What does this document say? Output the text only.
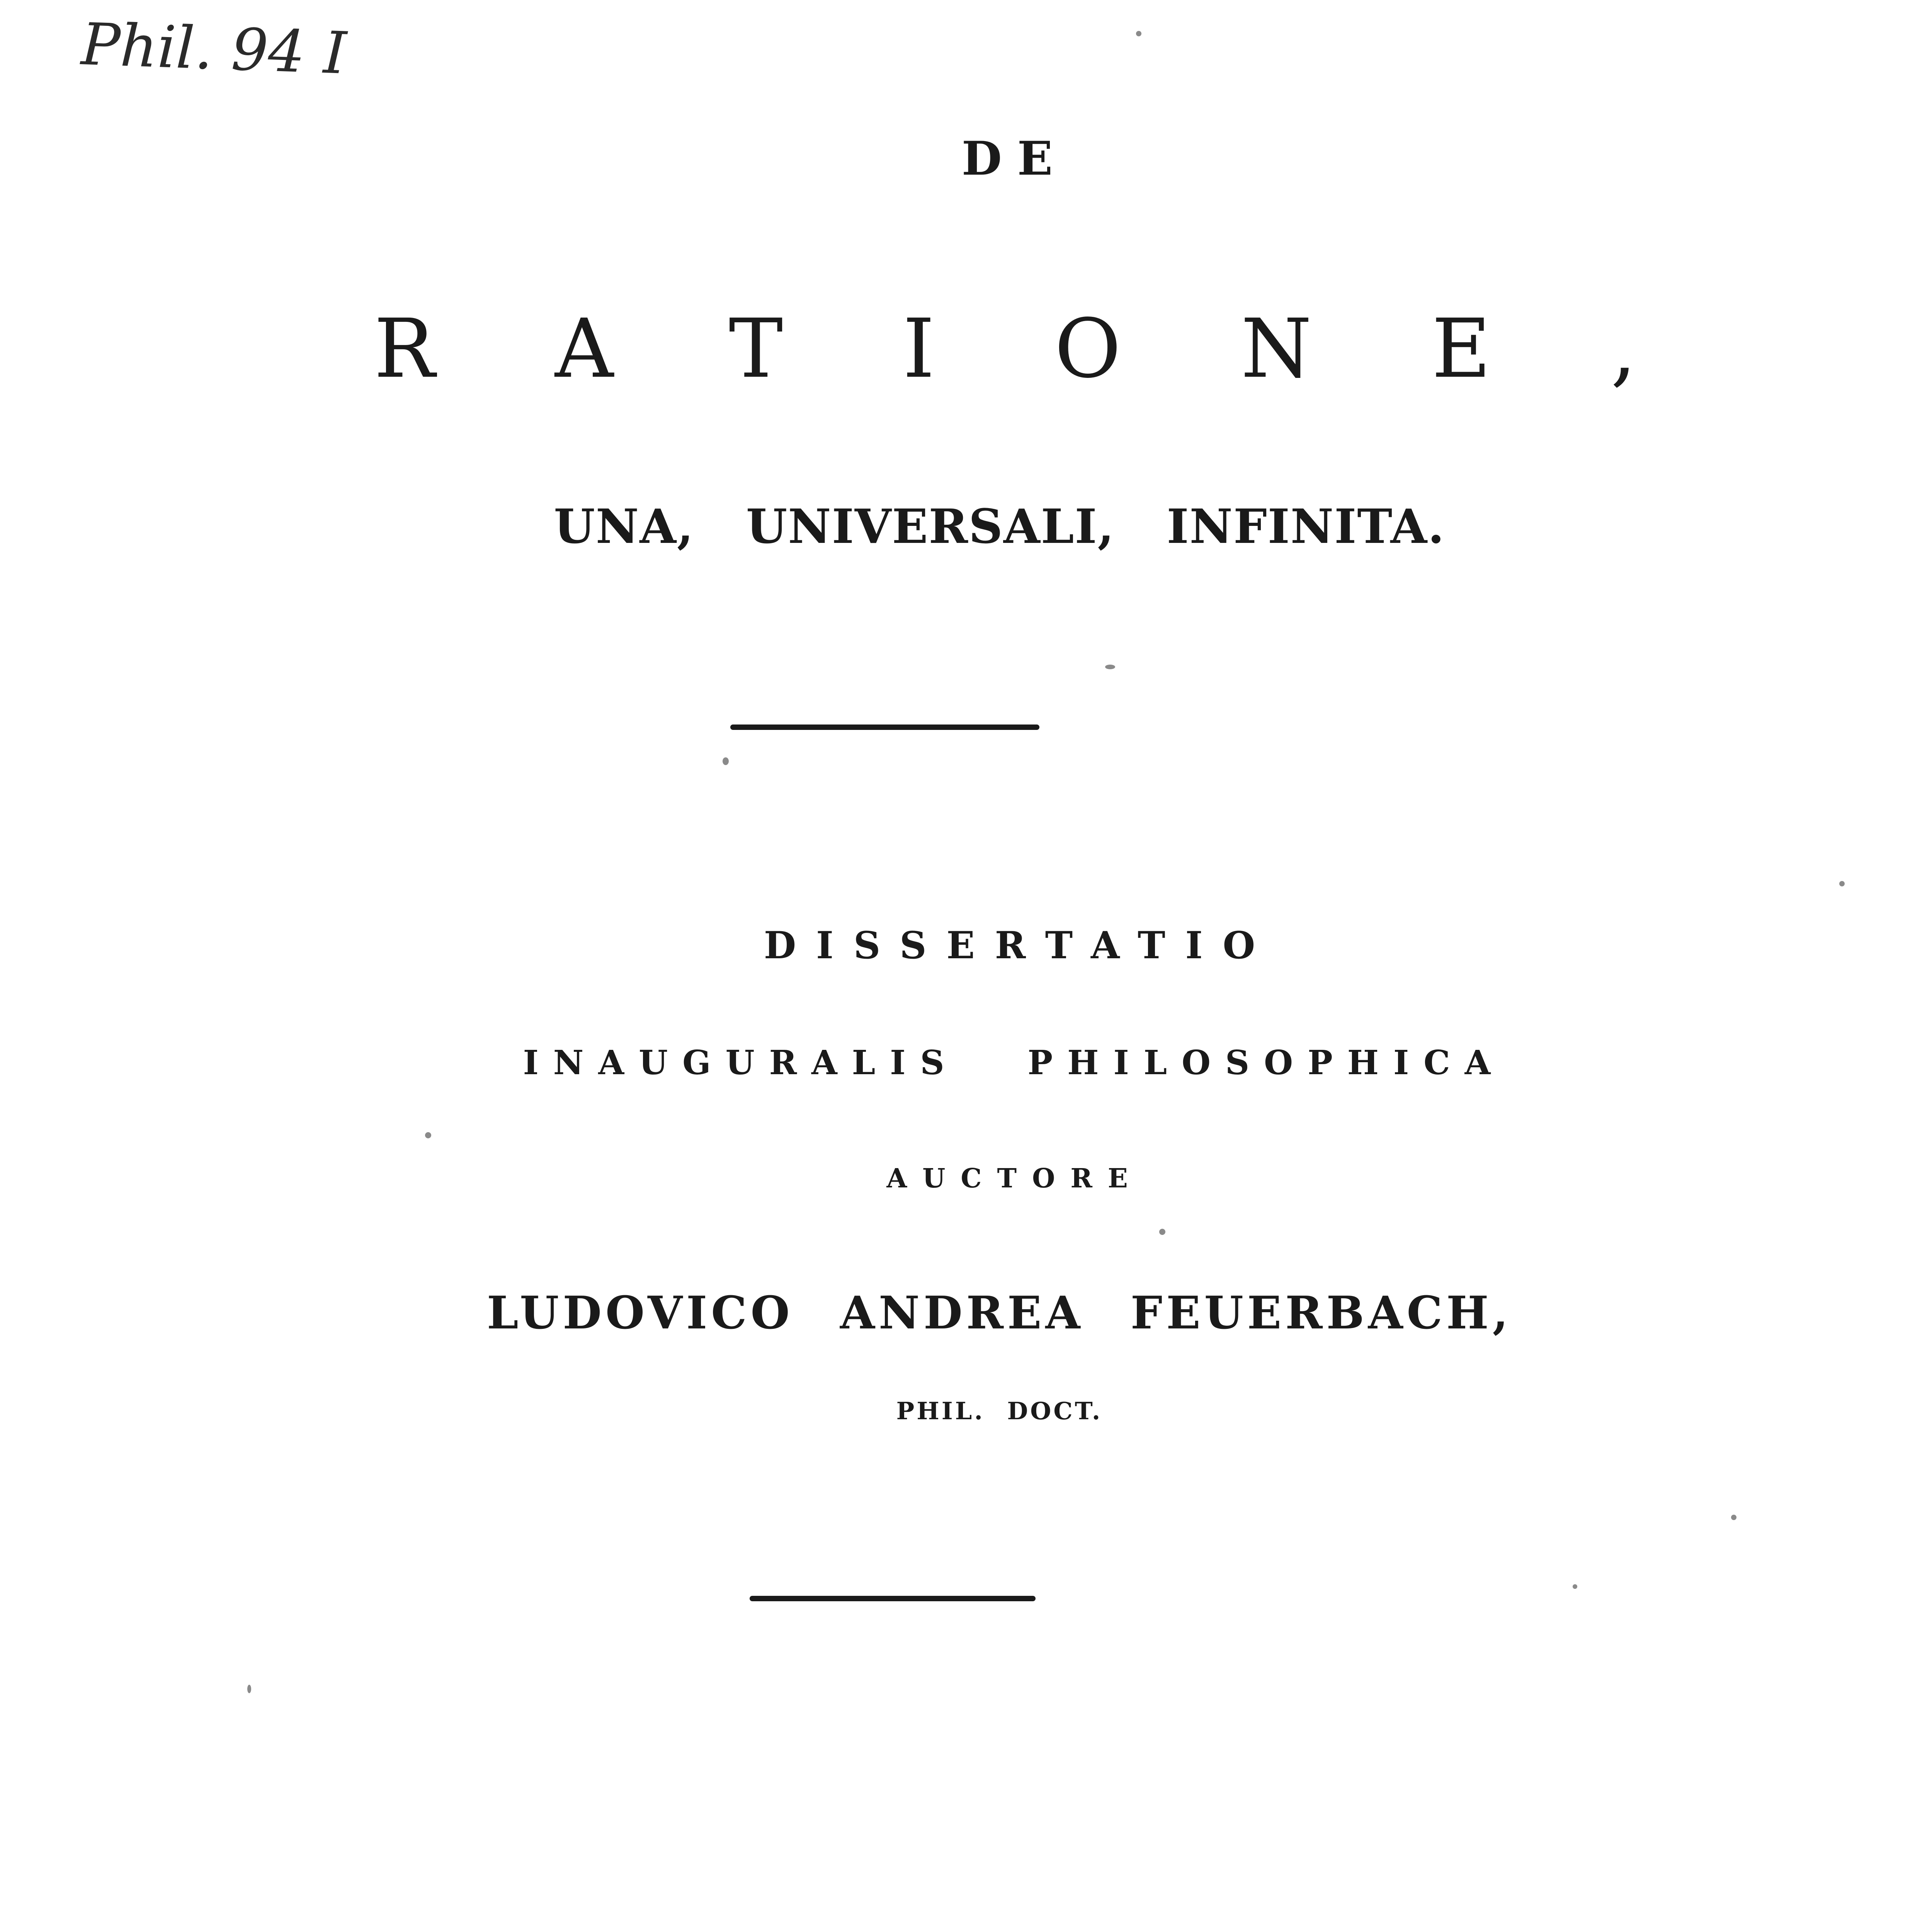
Phil. 94 I
DE
RATIONE,
UNA, UNIVERSALI, INFINITA.
DISSERTATIO
INAUGURALIS PHILOSOPHICA
AUCTORE
LUDOVICO ANDREA FEUERBACH,
PHIL. DOCT.
